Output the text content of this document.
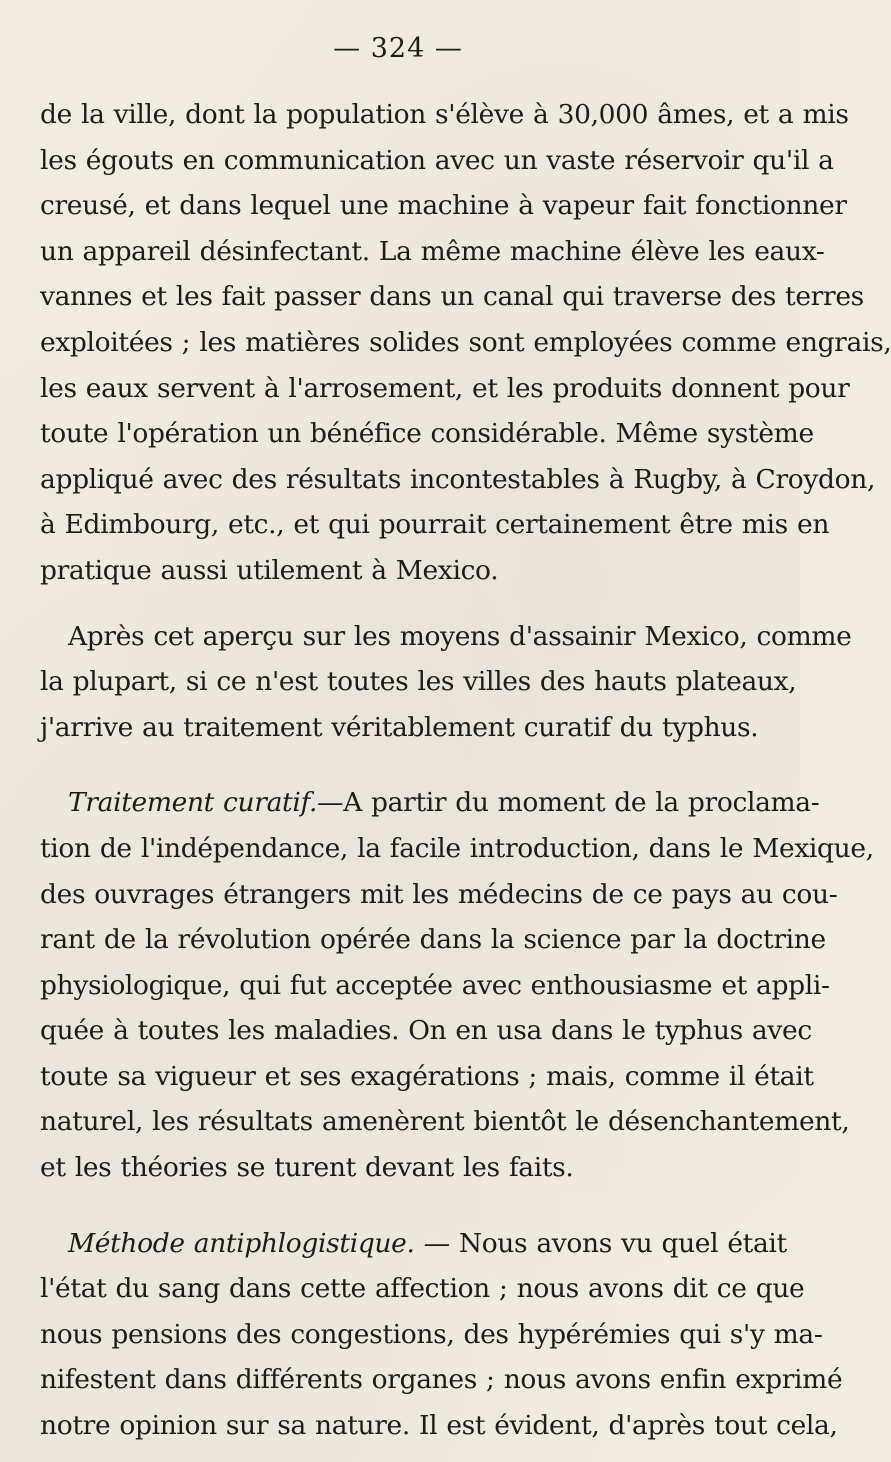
— 324 —
de la ville, dont la population s'élève à 30,000 âmes, et a mis
les égouts en communication avec un vaste réservoir qu'il a
creusé, et dans lequel une machine à vapeur fait fonctionner
un appareil désinfectant. La même machine élève les eaux-
vannes et les fait passer dans un canal qui traverse des terres
exploitées ; les matières solides sont employées comme engrais,
les eaux servent à l'arrosement, et les produits donnent pour
toute l'opération un bénéfice considérable. Même système
appliqué avec des résultats incontestables à Rugby, à Croydon,
à Edimbourg, etc., et qui pourrait certainement être mis en
pratique aussi utilement à Mexico.
Après cet aperçu sur les moyens d'assainir Mexico, comme
la plupart, si ce n'est toutes les villes des hauts plateaux,
j'arrive au traitement véritablement curatif du typhus.
Traitement curatif.—A partir du moment de la proclama-
tion de l'indépendance, la facile introduction, dans le Mexique,
des ouvrages étrangers mit les médecins de ce pays au cou-
rant de la révolution opérée dans la science par la doctrine
physiologique, qui fut acceptée avec enthousiasme et appli-
quée à toutes les maladies. On en usa dans le typhus avec
toute sa vigueur et ses exagérations ; mais, comme il était
naturel, les résultats amenèrent bientôt le désenchantement,
et les théories se turent devant les faits.
Méthode antiphlogistique. — Nous avons vu quel était
l'état du sang dans cette affection ; nous avons dit ce que
nous pensions des congestions, des hypérémies qui s'y ma-
nifestent dans différents organes ; nous avons enfin exprimé
notre opinion sur sa nature. Il est évident, d'après tout cela,
